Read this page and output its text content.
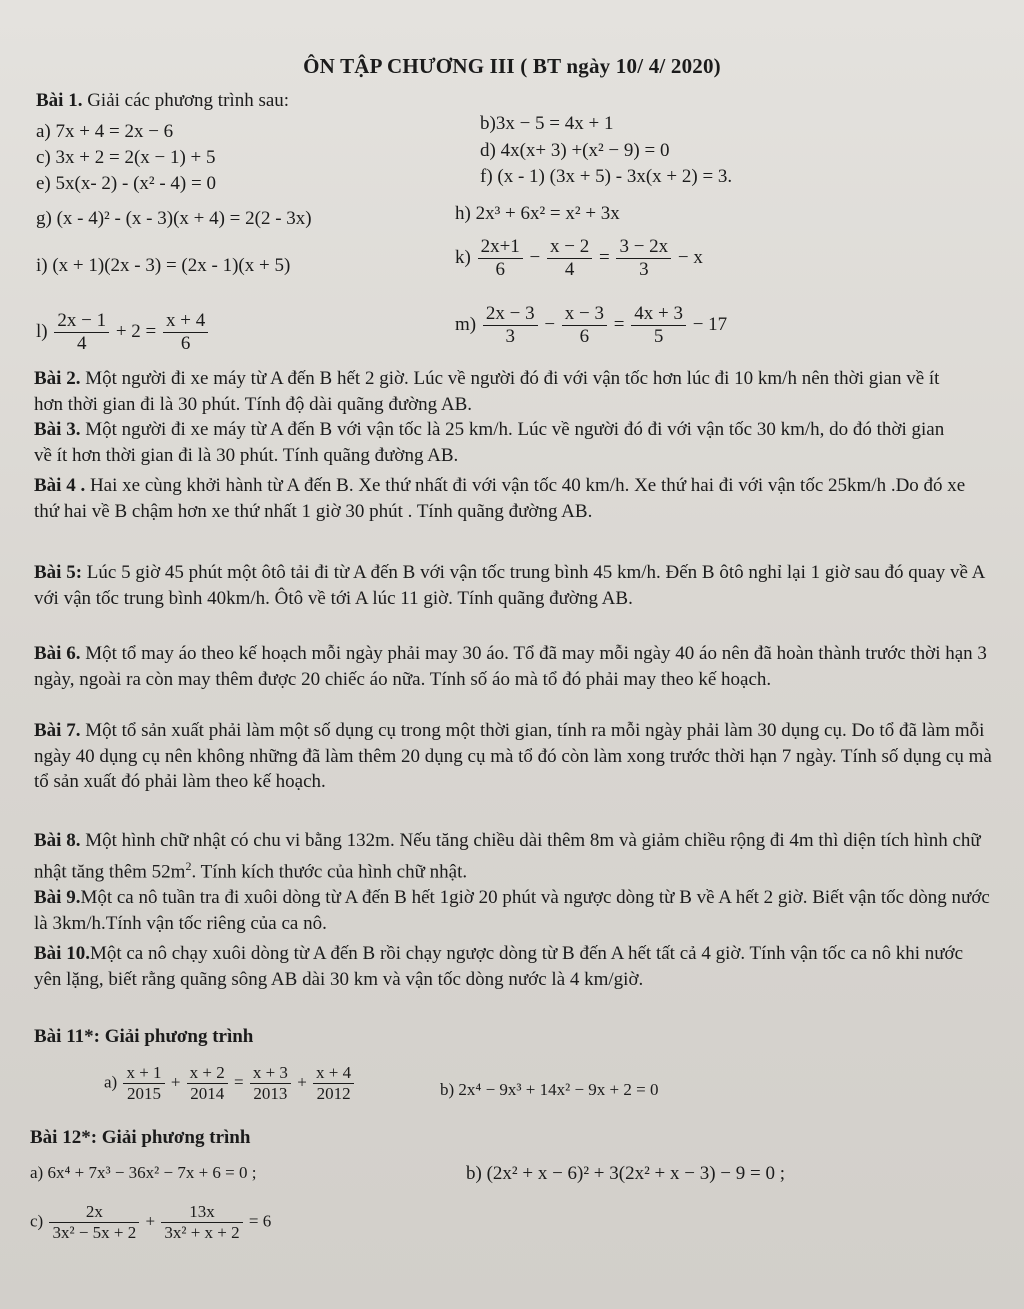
ÔN TẬP CHƯƠNG III ( BT ngày 10/ 4/ 2020)
Bài 1. Giải các phương trình sau:
a) 7x + 4 = 2x − 6	b)3x − 5 = 4x + 1
c) 3x + 2 = 2(x − 1) + 5	d) 4x(x+ 3) +(x² − 9) = 0
e) 5x(x- 2) - (x² - 4) = 0	f) (x - 1) (3x + 5) - 3x(x + 2) = 3.
g) (x - 4)² - (x - 3)(x + 4) = 2(2 - 3x)	h) 2x³ + 6x² = x² + 3x
i) (x + 1)(2x - 3) = (2x - 1)(x + 5)	$k) \frac{2x+1}{6} - \frac{x - 2}{4} = \frac{3 - 2x}{3} - x$
$l) \frac{2x - 1}{4} + 2 = \frac{x + 4}{6}$	$m) \frac{2x - 3}{3} - \frac{x - 3}{6} = \frac{4x + 3}{5} - 17$
Bài 2. Một người đi xe máy từ A đến B hết 2 giờ. Lúc về người đó đi với vận tốc hơn lúc đi 10 km/h nên thời gian về ít hơn thời gian đi là 30 phút. Tính độ dài quãng đường AB.
Bài 3. Một người đi xe máy từ A đến B với vận tốc là 25 km/h. Lúc về người đó đi với vận tốc 30 km/h, do đó thời gian về ít hơn thời gian đi là 30 phút. Tính quãng đường AB.
Bài 4 . Hai xe cùng khởi hành từ A đến B. Xe thứ nhất đi với vận tốc 40 km/h. Xe thứ hai đi với vận tốc 25km/h .Do đó xe thứ hai về B chậm hơn xe thứ nhất 1 giờ 30 phút . Tính quãng đường AB.
Bài 5: Lúc 5 giờ 45 phút một ôtô tải đi từ A đến B với vận tốc trung bình 45 km/h. Đến B ôtô nghỉ lại 1 giờ sau đó quay về A với vận tốc trung bình 40km/h. Ôtô về tới A lúc 11 giờ. Tính quãng đường AB.
Bài 6. Một tổ may áo theo kế hoạch mỗi ngày phải may 30 áo. Tổ đã may mỗi ngày 40 áo nên đã hoàn thành trước thời hạn 3 ngày, ngoài ra còn may thêm được 20 chiếc áo nữa. Tính số áo mà tổ đó phải may theo kế hoạch.
Bài 7. Một tổ sản xuất phải làm một số dụng cụ trong một thời gian, tính ra mỗi ngày phải làm 30 dụng cụ. Do tổ đã làm mỗi ngày 40 dụng cụ nên không những đã làm thêm 20 dụng cụ mà tổ đó còn làm xong trước thời hạn 7 ngày. Tính số dụng cụ mà tổ sản xuất đó phải làm theo kế hoạch.
Bài 8. Một hình chữ nhật có chu vi bằng 132m. Nếu tăng chiều dài thêm 8m và giảm chiều rộng đi 4m thì diện tích hình chữ nhật tăng thêm $52m^2$. Tính kích thước của hình chữ nhật.
Bài 9.Một ca nô tuần tra đi xuôi dòng từ A đến B hết 1giờ 20 phút và ngược dòng từ B về A hết 2 giờ. Biết vận tốc dòng nước là 3km/h.Tính vận tốc riêng của ca nô.
Bài 10.Một ca nô chạy xuôi dòng từ A đến B rồi chạy ngược dòng từ B đến A hết tất cả 4 giờ. Tính vận tốc ca nô khi nước yên lặng, biết rằng quãng sông AB dài 30 km và vận tốc dòng nước là 4 km/giờ.
Bài 11*: Giải phương trình
$a) \frac{x + 1}{2015} + \frac{x + 2}{2014} = \frac{x + 3}{2013} + \frac{x + 4}{2012}$	b) 2x⁴ − 9x³ + 14x² − 9x + 2 = 0
Bài 12*: Giải phương trình
a) 6x⁴ + 7x³ − 36x² − 7x + 6 = 0 ;	b) (2x² + x − 6)² + 3(2x² + x − 3) − 9 = 0 ;
$c) \frac{2x}{\text{3x² − 5x + 2}} + \frac{13x}{\text{3x² + x + 2}} = 6$
